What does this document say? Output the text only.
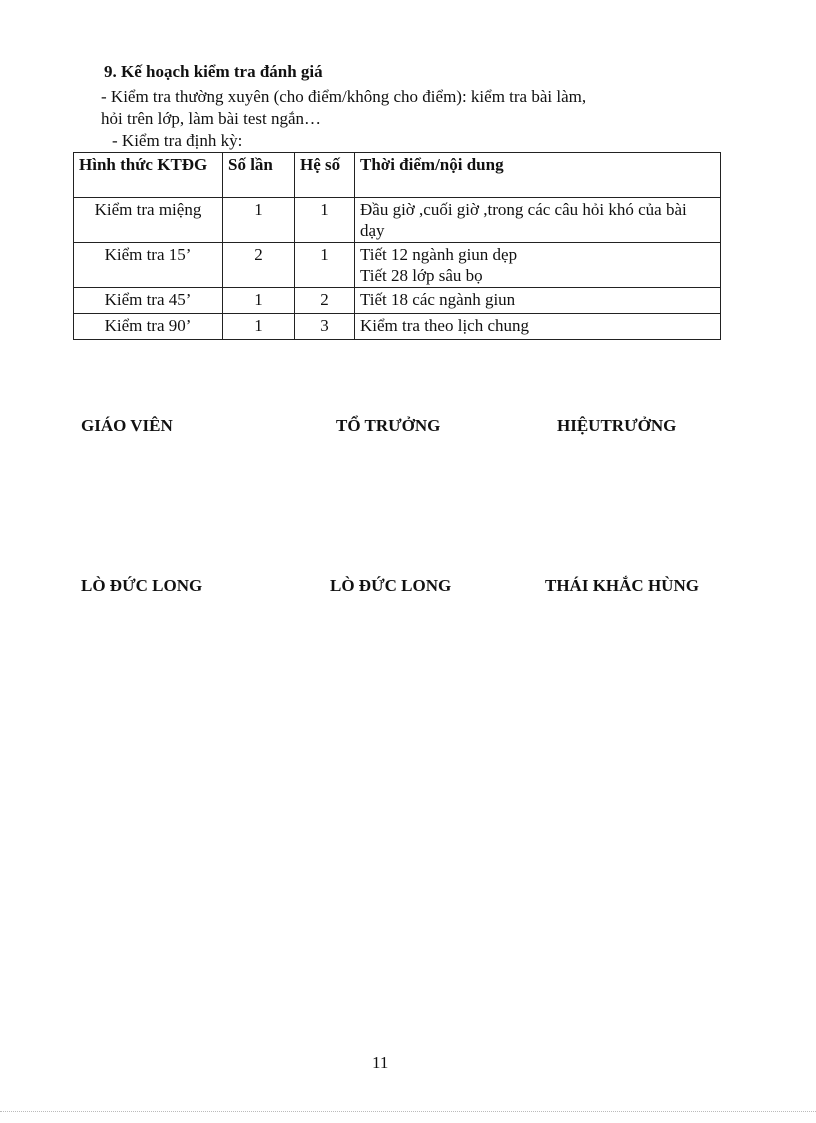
9. Kế hoạch kiểm tra đánh giá
- Kiểm tra thường xuyên (cho điểm/không cho điểm): kiểm tra bài làm,
hỏi trên lớp, làm bài test ngắn…
- Kiểm tra định kỳ:
Hình thức KTĐG	Số lần	Hệ số	Thời điểm/nội dung
Kiểm tra miệng	1	1	Đầu giờ ,cuối giờ ,trong các câu hỏi khó của bài dạy

Kiểm tra 15’	2	1	Tiết 12 ngành giun dẹp
Tiết 28 lớp sâu bọ

Kiểm tra 45’	1	2	Tiết 18 các ngành giun

Kiểm tra 90’	1	3	Kiểm tra theo lịch chung
GIÁO VIÊN	TỔ TRƯỞNG	HIỆUTRƯỞNG
LÒ ĐỨC LONG	LÒ ĐỨC LONG	THÁI KHẮC HÙNG
11
